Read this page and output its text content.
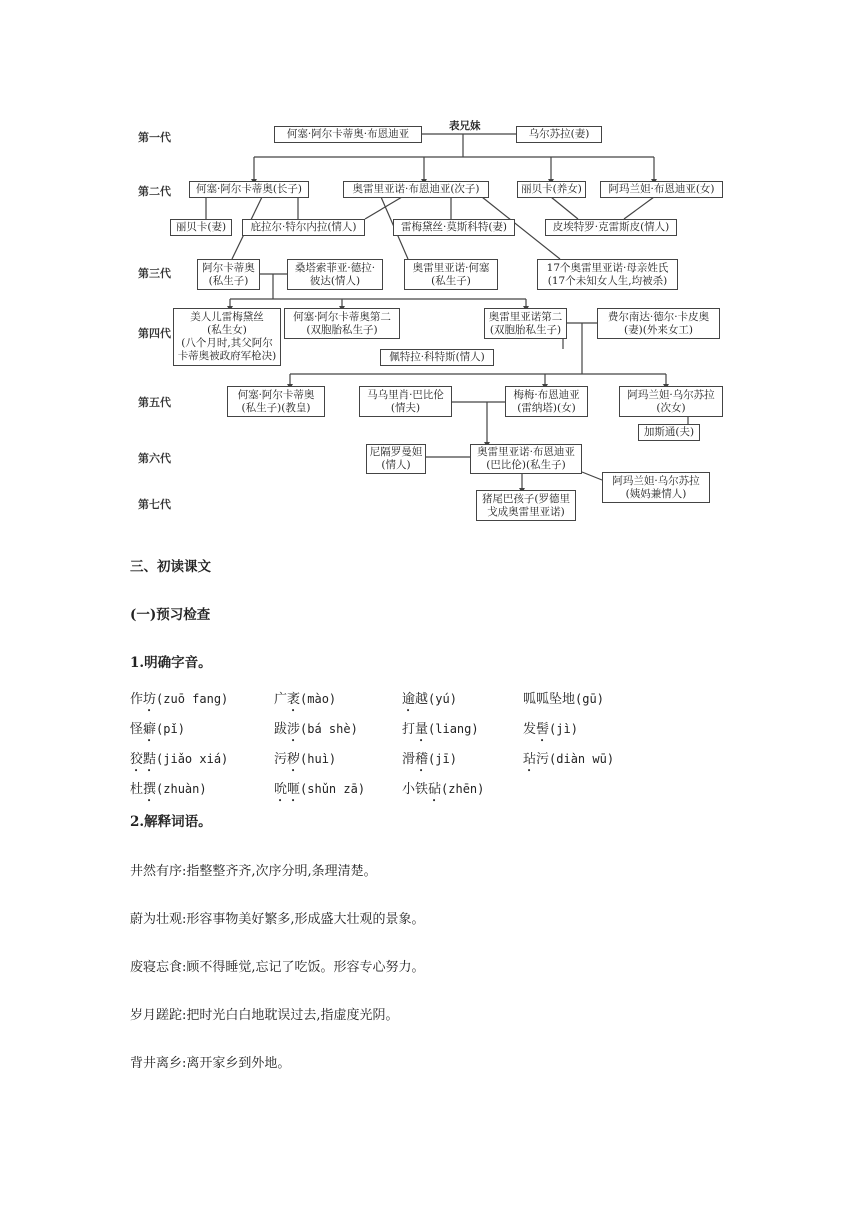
第一代
第二代
第三代
第四代
第五代
第六代
第七代
表兄妹
何塞·阿尔卡蒂奥·布恩迪亚	乌尔苏拉(妻)
何塞·阿尔卡蒂奥(长子)	奥雷里亚诺·布恩迪亚(次子)	丽贝卡(养女)	阿玛兰妲·布恩迪亚(女)
丽贝卡(妻)	庇拉尔·特尔内拉(情人)	雷梅黛丝·莫斯科特(妻)	皮埃特罗·克雷斯皮(情人)
阿尔卡蒂奥
(私生子)
桑塔索菲亚·德拉·
彼达(情人)
奥雷里亚诺·何塞
(私生子)
17个奥雷里亚诺·母亲姓氏
(17个未知女人生,均被杀)
美人儿雷梅黛丝
(私生女)
(八个月时,其父阿尔
卡蒂奥被政府军枪决)
何塞·阿尔卡蒂奥第二
(双胞胎私生子)
奥雷里亚诺第二
(双胞胎私生子)
费尔南达·德尔·卡皮奥
(妻)(外来女工)
佩特拉·科特斯(情人)
何塞·阿尔卡蒂奥
(私生子)(教皇)
马乌里肖·巴比伦
(情夫)
梅梅·布恩迪亚
(雷纳塔)(女)
阿玛兰妲·乌尔苏拉
(次女)
加斯通(夫)
尼隔罗曼妲
(情人)
奥雷里亚诺·布恩迪亚
(巴比伦)(私生子)
阿玛兰妲·乌尔苏拉
(姨妈兼情人)
猪尾巴孩子(罗德里
戈成奥雷里亚诺)
三、初读课文
(一)预习检查
1.明确字音。
作坊(zuō fang)	广袤(mào)	逾越(yú)	呱呱坠地(gū)
怪癖(pǐ)	跋涉(bá shè)	打量(liang)	发髻(jì)
狡黠(jiǎo xiá)	污秽(huì)	滑稽(jī)	玷污(diàn wū)
杜撰(zhuàn)	吮咂(shǔn zā)	小铁砧(zhēn)
2.解释词语。
井然有序:指整整齐齐,次序分明,条理清楚。
蔚为壮观:形容事物美好繁多,形成盛大壮观的景象。
废寝忘食:顾不得睡觉,忘记了吃饭。形容专心努力。
岁月蹉跎:把时光白白地耽误过去,指虚度光阴。
背井离乡:离开家乡到外地。
